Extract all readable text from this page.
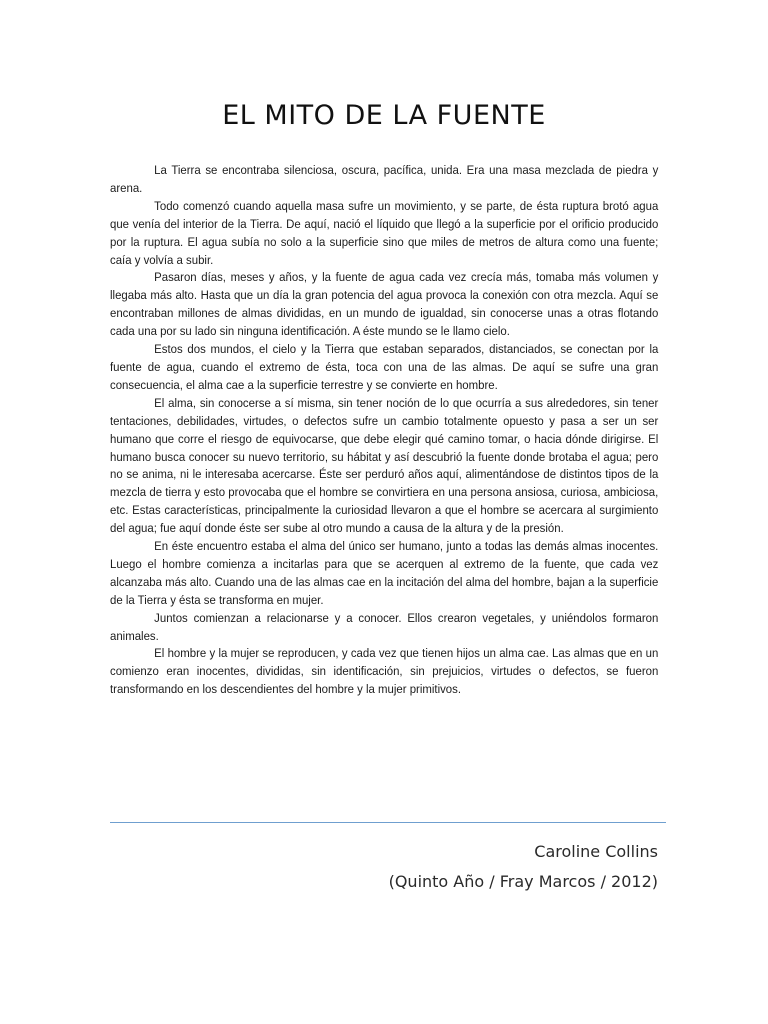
EL MITO DE LA FUENTE

La Tierra se encontraba silenciosa, oscura, pacífica, unida. Era una masa mezclada de piedra y arena.

Todo comenzó cuando aquella masa sufre un movimiento, y se parte, de ésta ruptura brotó agua que venía del interior de la Tierra. De aquí, nació el líquido que llegó a la superficie por el orificio producido por la ruptura. El agua subía no solo a la superficie sino que miles de metros de altura como una fuente; caía y volvía a subir.

Pasaron días, meses y años, y la fuente de agua cada vez crecía más, tomaba más volumen y llegaba más alto. Hasta que un día la gran potencia del agua provoca la conexión con otra mezcla. Aquí se encontraban millones de almas divididas, en un mundo de igualdad, sin conocerse unas a otras flotando cada una por su lado sin ninguna identificación. A éste mundo se le llamo cielo.

Estos dos mundos, el cielo y la Tierra que estaban separados, distanciados, se conectan por la fuente de agua, cuando el extremo de ésta, toca con una de las almas. De aquí se sufre una gran consecuencia, el alma cae a la superficie terrestre y se convierte en hombre.

El alma, sin conocerse a sí misma, sin tener noción de lo que ocurría a sus alrededores, sin tener tentaciones, debilidades, virtudes, o defectos sufre un cambio totalmente opuesto y pasa a ser un ser humano que corre el riesgo de equivocarse, que debe elegir qué camino tomar, o hacia dónde dirigirse. El humano busca conocer su nuevo territorio, su hábitat y así descubrió la fuente donde brotaba el agua; pero no se anima, ni le interesaba acercarse. Éste ser perduró años aquí, alimentándose de distintos tipos de la mezcla de tierra y esto provocaba que el hombre se convirtiera en una persona ansiosa, curiosa, ambiciosa, etc. Estas características, principalmente la curiosidad llevaron a que el hombre se acercara al surgimiento del agua; fue aquí donde éste ser sube al otro mundo a causa de la altura y de la presión.

En éste encuentro estaba el alma del único ser humano, junto a todas las demás almas inocentes. Luego el hombre comienza a incitarlas para que se acerquen al extremo de la fuente, que cada vez alcanzaba más alto. Cuando una de las almas cae en la incitación del alma del hombre, bajan a la superficie de la Tierra y ésta se transforma en mujer.

Juntos comienzan a relacionarse y a conocer. Ellos crearon vegetales, y uniéndolos formaron animales.

El hombre y la mujer se reproducen, y cada vez que tienen hijos un alma cae. Las almas que en un comienzo eran inocentes, divididas, sin identificación, sin prejuicios, virtudes o defectos, se fueron transformando en los descendientes del hombre y la mujer primitivos.

Caroline Collins
(Quinto Año / Fray Marcos / 2012)
